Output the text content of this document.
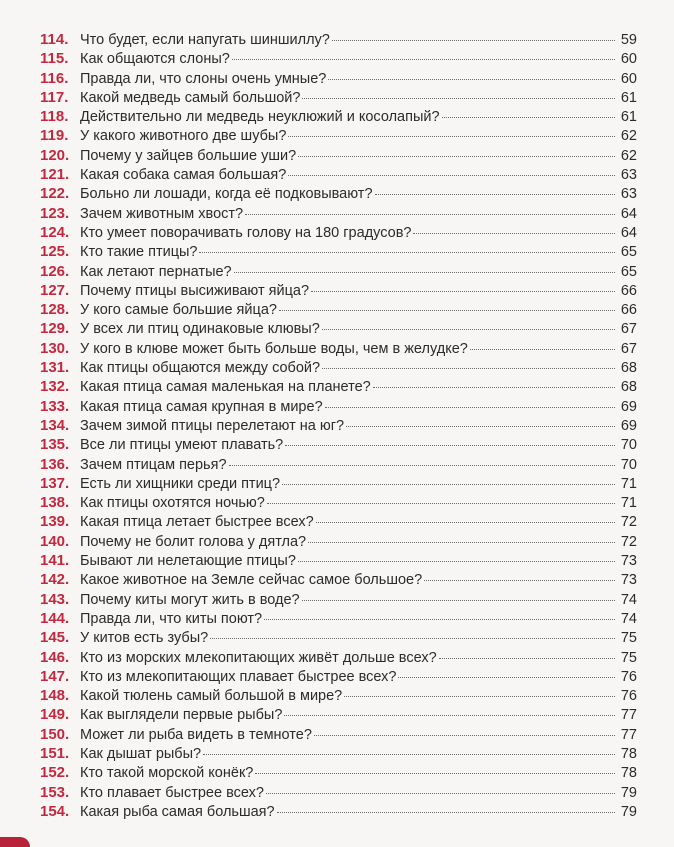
114. Что будет, если напугать шиншиллу?	59
115. Как общаются слоны?	60
116. Правда ли, что слоны очень умные?	60
117. Какой медведь самый большой?	61
118. Действительно ли медведь неуклюжий и косолапый?	61
119. У какого животного две шубы?	62
120. Почему у зайцев большие уши?	62
121. Какая собака самая большая?	63
122. Больно ли лошади, когда её подковывают?	63
123. Зачем животным хвост?	64
124. Кто умеет поворачивать голову на 180 градусов?	64
125. Кто такие птицы?	65
126. Как летают пернатые?	65
127. Почему птицы высиживают яйца?	66
128. У кого самые большие яйца?	66
129. У всех ли птиц одинаковые клювы?	67
130. У кого в клюве может быть больше воды, чем в желудке?	67
131. Как птицы общаются между собой?	68
132. Какая птица самая маленькая на планете?	68
133. Какая птица самая крупная в мире?	69
134. Зачем зимой птицы перелетают на юг?	69
135. Все ли птицы умеют плавать?	70
136. Зачем птицам перья?	70
137. Есть ли хищники среди птиц?	71
138. Как птицы охотятся ночью?	71
139. Какая птица летает быстрее всех?	72
140. Почему не болит голова у дятла?	72
141. Бывают ли нелетающие птицы?	73
142. Какое животное на Земле сейчас самое большое?	73
143. Почему киты могут жить в воде?	74
144. Правда ли, что киты поют?	74
145. У китов есть зубы?	75
146. Кто из морских млекопитающих живёт дольше всех?	75
147. Кто из млекопитающих плавает быстрее всех?	76
148. Какой тюлень самый большой в мире?	76
149. Как выглядели первые рыбы?	77
150. Может ли рыба видеть в темноте?	77
151. Как дышат рыбы?	78
152. Кто такой морской конёк?	78
153. Кто плавает быстрее всех?	79
154. Какая рыба самая большая?	79
